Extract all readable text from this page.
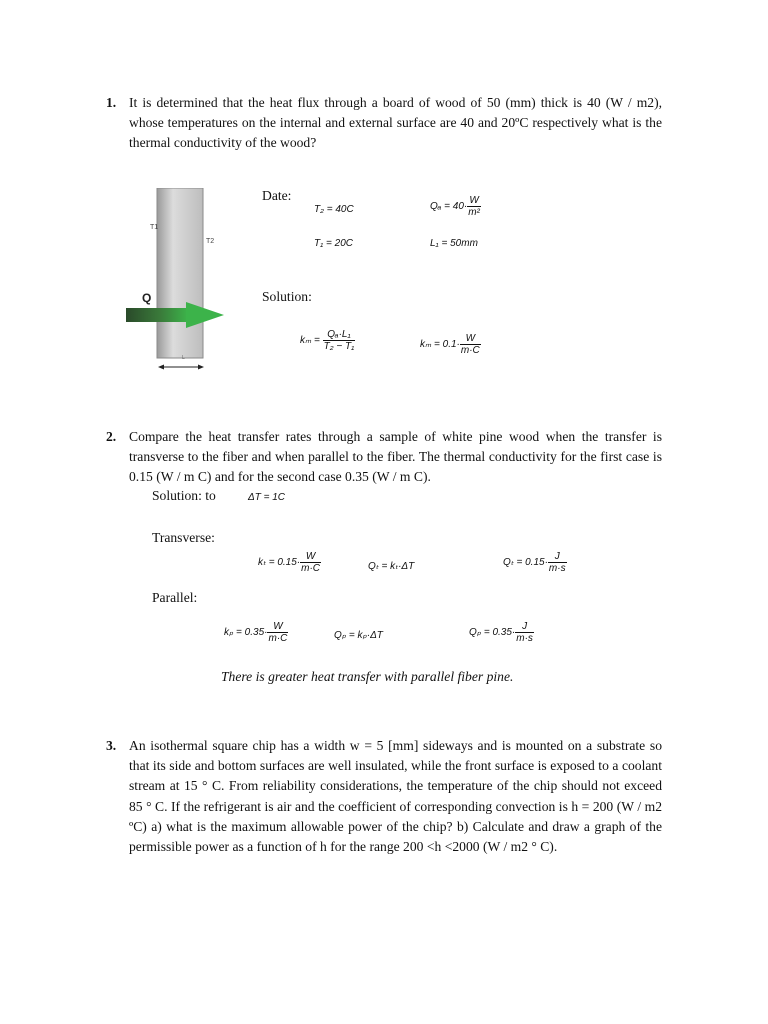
1. It is determined that the heat flux through a board of wood of 50 (mm) thick is 40 (W / m2), whose temperatures on the internal and external surface are 40 and 20ºC respectively what is the thermal conductivity of the wood?
T1
T2
Q
L
Date:
T₂ = 40C	$Q_a = 40\cdot \frac{W}{\text{m²}}$
T₁ = 20C	L₁ = 50mm
Solution:
$k_m = \frac{\text{Qₐ·L₁}}{\text{T₂ − T₁}}$	$k_m = 0.1\cdot \frac{W}{m\cdot C}$
2. Compare the heat transfer rates through a sample of white pine wood when the transfer is transverse to the fiber and when parallel to the fiber. The thermal conductivity for the first case is 0.15 (W / m C) and for the second case 0.35 (W / m C).
Solution: to	ΔT = 1C
Transverse:
$k_t = 0.15\cdot \frac{W}{m\cdot C}$	Qₜ = kₜ·ΔT	$Q_t = 0.15\cdot \frac{J}{m\cdot s}$
Parallel:
$k_p = 0.35\cdot \frac{W}{m\cdot C}$	Qₚ = kₚ·ΔT	$Q_p = 0.35\cdot \frac{J}{m\cdot s}$
There is greater heat transfer with parallel fiber pine.
3. An isothermal square chip has a width w = 5 [mm] sideways and is mounted on a substrate so that its side and bottom surfaces are well insulated, while the front surface is exposed to a coolant stream at 15 ° C. From reliability considerations, the temperature of the chip should not exceed 85 ° C. If the refrigerant is air and the coefficient of corresponding convection is h = 200 (W / m2 ºC) a) what is the maximum allowable power of the chip? b) Calculate and draw a graph of the permissible power as a function of h for the range 200 <h <2000 (W / m2 ° C).
